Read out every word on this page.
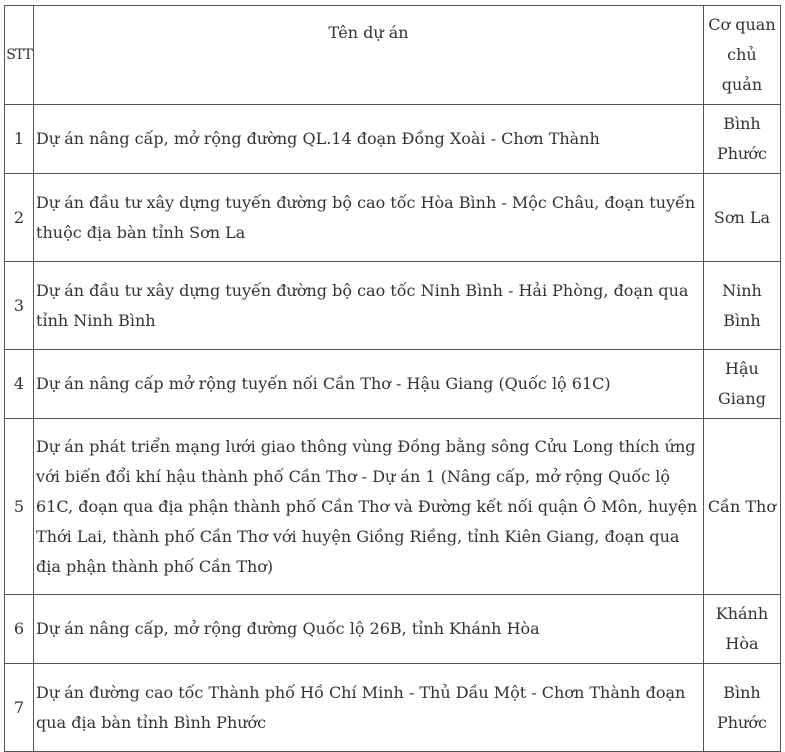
STT	Tên dự án	Cơ quan chủ quản
1	Dự án nâng cấp, mở rộng đường QL.14 đoạn Đồng Xoài - Chơn Thành	Bình Phước
2	Dự án đầu tư xây dựng tuyến đường bộ cao tốc Hòa Bình - Mộc Châu, đoạn tuyến thuộc địa bàn tỉnh Sơn La	Sơn La
3	Dự án đầu tư xây dựng tuyến đường bộ cao tốc Ninh Bình - Hải Phòng, đoạn qua tỉnh Ninh Bình	Ninh Bình
4	Dự án nâng cấp mở rộng tuyến nối Cần Thơ - Hậu Giang (Quốc lộ 61C)	Hậu Giang
5	Dự án phát triển mạng lưới giao thông vùng Đồng bằng sông Cửu Long thích ứng với biến đổi khí hậu thành phố Cần Thơ - Dự án 1 (Nâng cấp, mở rộng Quốc lộ 61C, đoạn qua địa phận thành phố Cần Thơ và Đường kết nối quận Ô Môn, huyện Thới Lai, thành phố Cần Thơ với huyện Giồng Riềng, tỉnh Kiên Giang, đoạn qua địa phận thành phố Cần Thơ)	Cần Thơ
6	Dự án nâng cấp, mở rộng đường Quốc lộ 26B, tỉnh Khánh Hòa	Khánh Hòa
7	Dự án đường cao tốc Thành phố Hồ Chí Minh - Thủ Dầu Một - Chơn Thành đoạn qua địa bàn tỉnh Bình Phước	Bình Phước
